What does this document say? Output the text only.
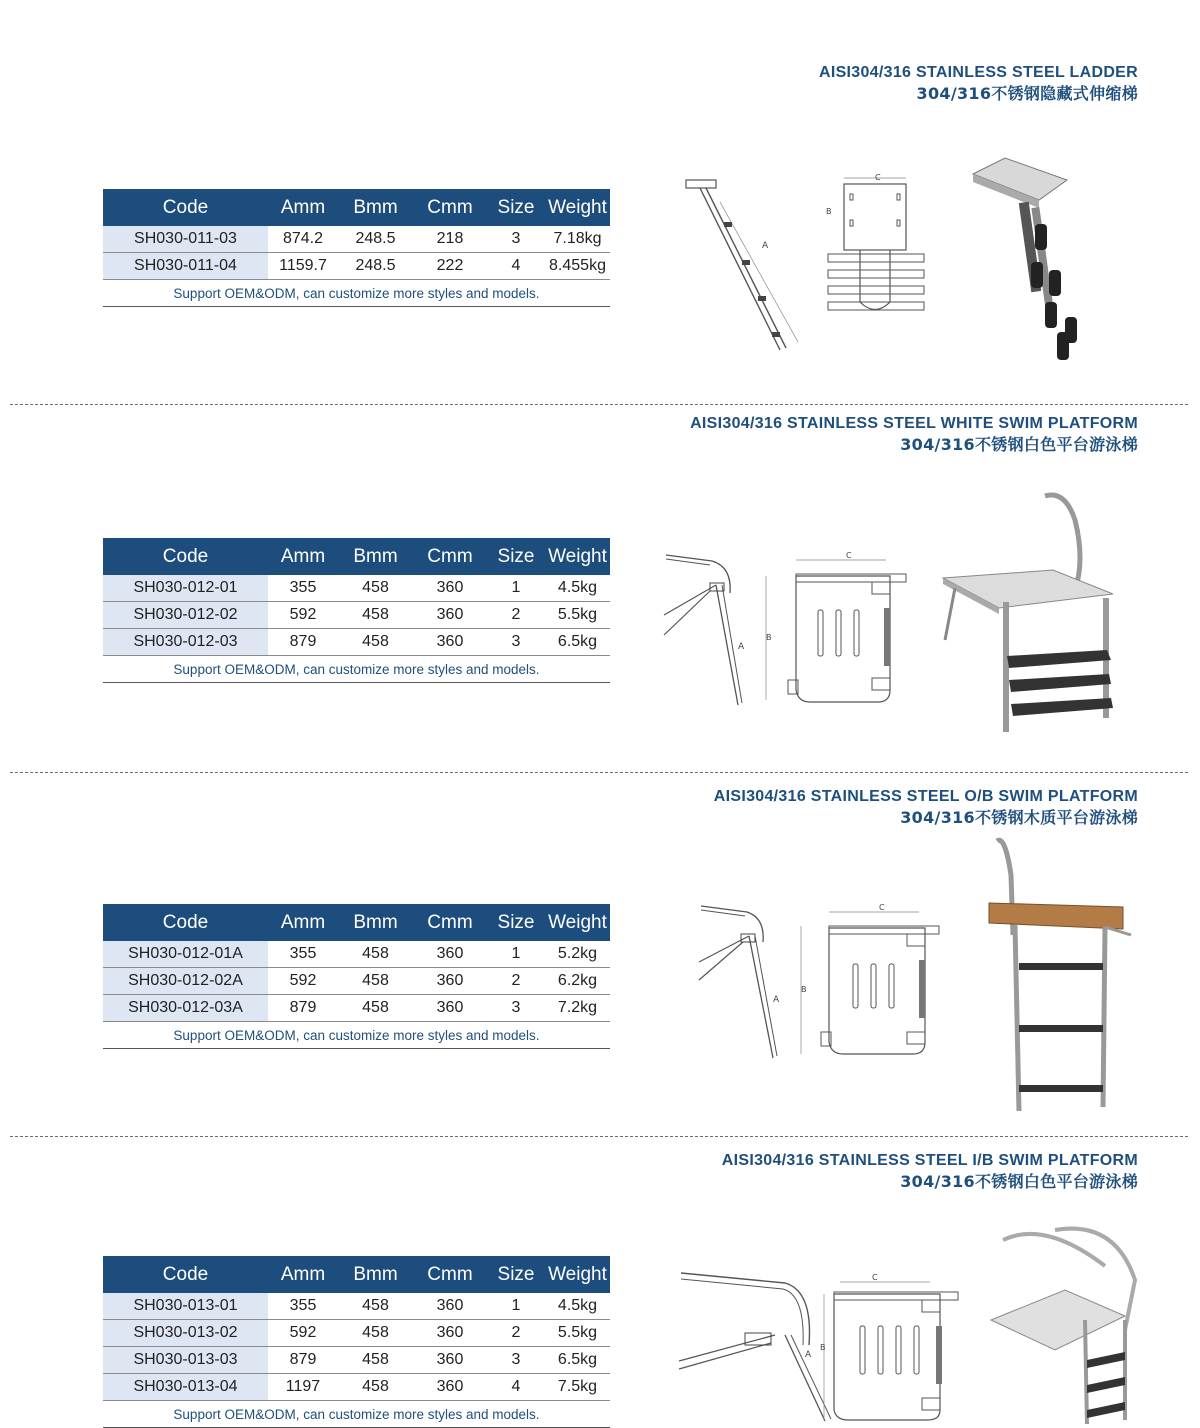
AISI304/316 STAINLESS STEEL LADDER
304/316不锈钢隐藏式伸缩梯
Code	Amm	Bmm	Cmm	Size	Weight
SH030-011-03	874.2	248.5	218	3	7.18kg
SH030-011-04	1159.7	248.5	222	4	8.455kg
Support OEM&ODM, can customize more styles and models.					
A
C
B
AISI304/316 STAINLESS STEEL WHITE SWIM PLATFORM
304/316不锈钢白色平台游泳梯
Code	Amm	Bmm	Cmm	Size	Weight
SH030-012-01	355	458	360	1	4.5kg
SH030-012-02	592	458	360	2	5.5kg
SH030-012-03	879	458	360	3	6.5kg
Support OEM&ODM, can customize more styles and models.					
A
C
B
AISI304/316 STAINLESS STEEL O/B SWIM PLATFORM
304/316不锈钢木质平台游泳梯
Code	Amm	Bmm	Cmm	Size	Weight
SH030-012-01A	355	458	360	1	5.2kg
SH030-012-02A	592	458	360	2	6.2kg
SH030-012-03A	879	458	360	3	7.2kg
Support OEM&ODM, can customize more styles and models.					
A
C
B
AISI304/316 STAINLESS STEEL I/B SWIM PLATFORM
304/316不锈钢白色平台游泳梯
Code	Amm	Bmm	Cmm	Size	Weight
SH030-013-01	355	458	360	1	4.5kg
SH030-013-02	592	458	360	2	5.5kg
SH030-013-03	879	458	360	3	6.5kg
SH030-013-04	1197	458	360	4	7.5kg
Support OEM&ODM, can customize more styles and models.					
A
C
B
